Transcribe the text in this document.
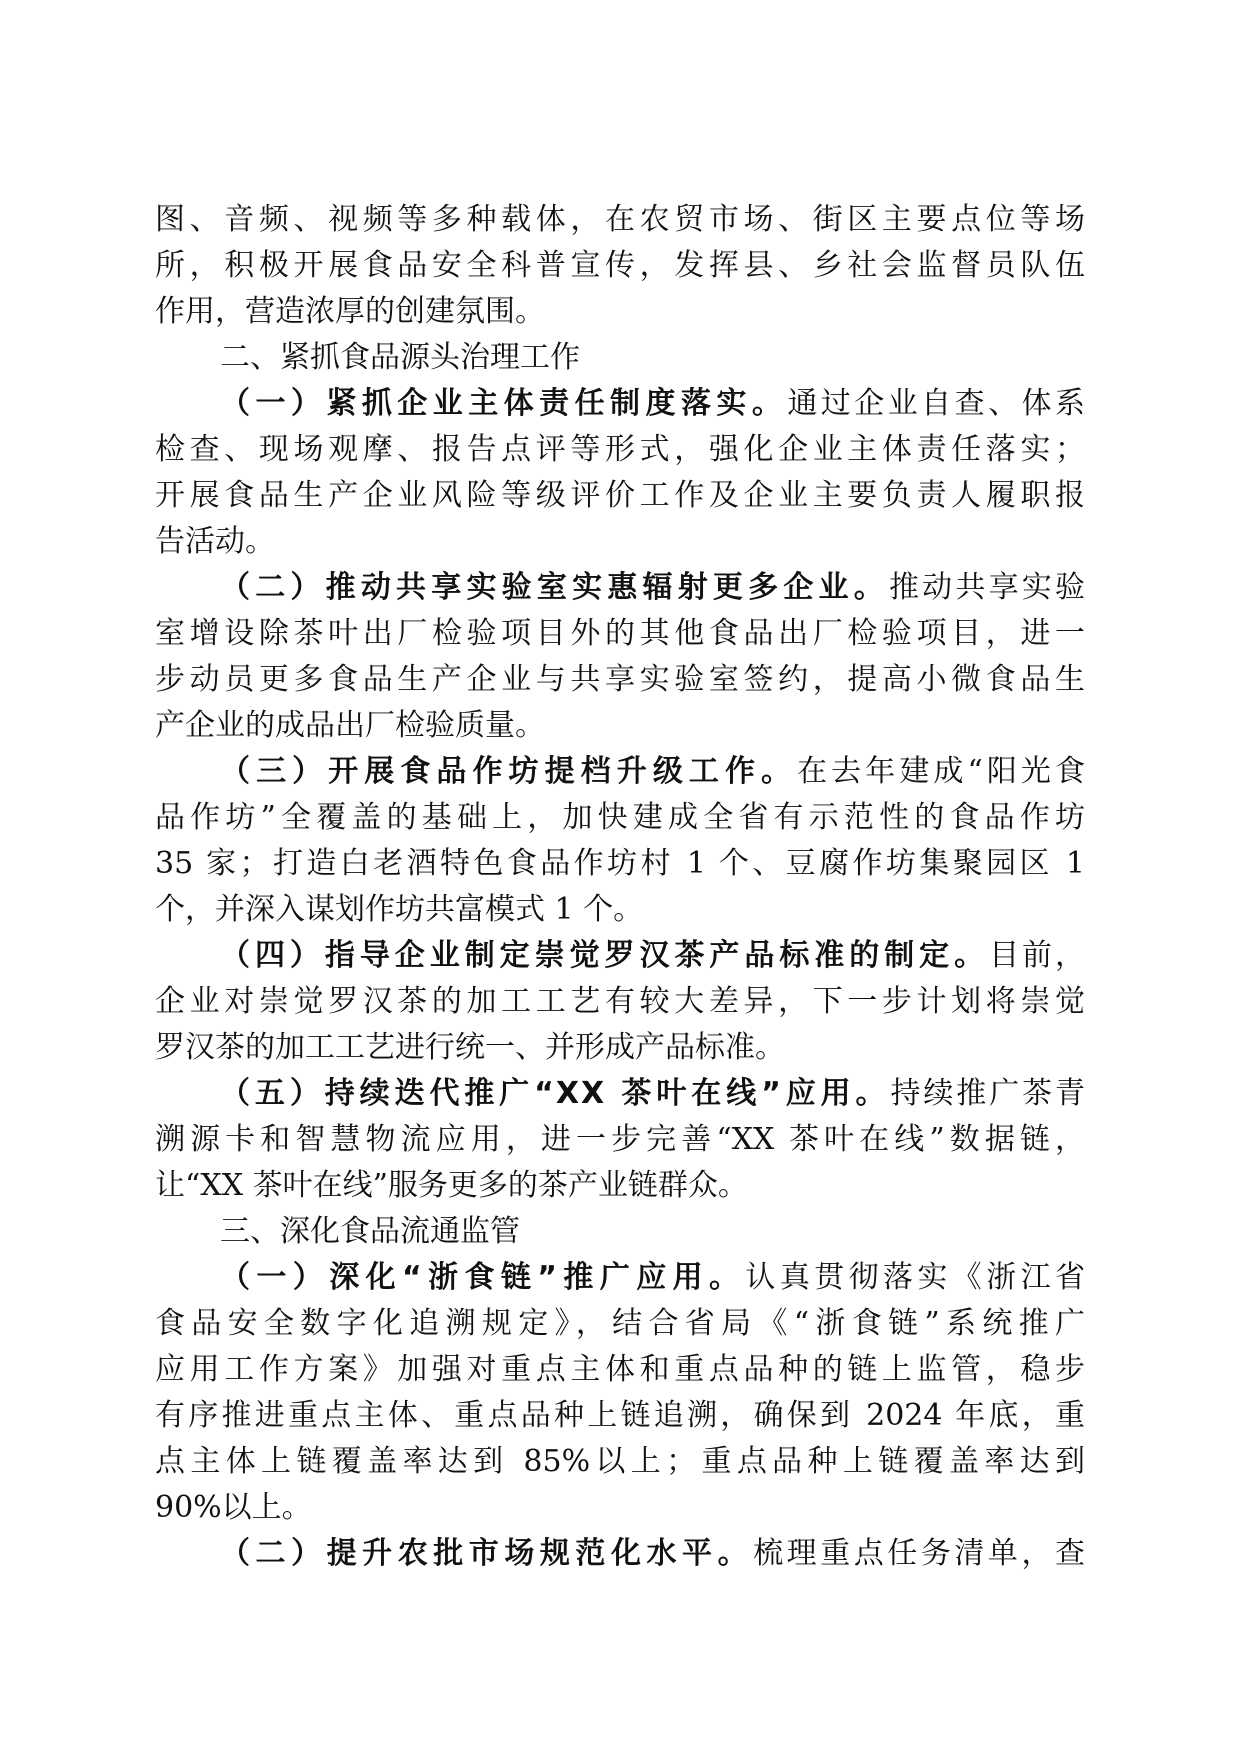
图、音频、视频等多种载体，在农贸市场、街区主要点位等场
所，积极开展食品安全科普宣传，发挥县、乡社会监督员队伍
作用，营造浓厚的创建氛围。
二、紧抓食品源头治理工作
（一）紧抓企业主体责任制度落实。通过企业自查、体系
检查、现场观摩、报告点评等形式，强化企业主体责任落实；
开展食品生产企业风险等级评价工作及企业主要负责人履职报
告活动。
（二）推动共享实验室实惠辐射更多企业。推动共享实验
室增设除茶叶出厂检验项目外的其他食品出厂检验项目，进一
步动员更多食品生产企业与共享实验室签约，提高小微食品生
产企业的成品出厂检验质量。
（三）开展食品作坊提档升级工作。在去年建成“阳光食
品作坊”全覆盖的基础上，加快建成全省有示范性的食品作坊
35 家；打造白老酒特色食品作坊村 1 个、豆腐作坊集聚园区 1
个，并深入谋划作坊共富模式 1 个。
（四）指导企业制定崇觉罗汉茶产品标准的制定。目前，
企业对崇觉罗汉茶的加工工艺有较大差异，下一步计划将崇觉
罗汉茶的加工工艺进行统一、并形成产品标准。
（五）持续迭代推广“XX 茶叶在线”应用。持续推广茶青
溯源卡和智慧物流应用，进一步完善“XX 茶叶在线”数据链，
让“XX 茶叶在线”服务更多的茶产业链群众。
三、深化食品流通监管
（一）深化“浙食链”推广应用。认真贯彻落实《浙江省
食品安全数字化追溯规定》，结合省局《“浙食链”系统推广
应用工作方案》加强对重点主体和重点品种的链上监管，稳步
有序推进重点主体、重点品种上链追溯，确保到 2024 年底，重
点主体上链覆盖率达到 85%以上；重点品种上链覆盖率达到
90%以上。
（二）提升农批市场规范化水平。梳理重点任务清单，查
